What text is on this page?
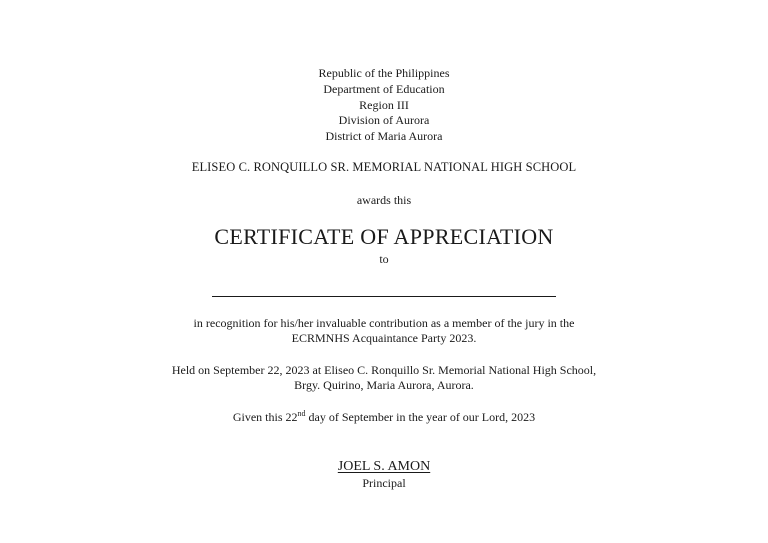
Republic of the Philippines
Department of Education
Region III
Division of Aurora
District of Maria Aurora
ELISEO C. RONQUILLO SR. MEMORIAL NATIONAL HIGH SCHOOL
awards this
CERTIFICATE OF APPRECIATION
to
in recognition for his/her invaluable contribution as a member of the jury in the
ECRMNHS Acquaintance Party 2023.
Held on September 22, 2023 at Eliseo C. Ronquillo Sr. Memorial National High School,
Brgy. Quirino, Maria Aurora, Aurora.
Given this 22nd day of September in the year of our Lord, 2023
JOEL S. AMON
Principal
